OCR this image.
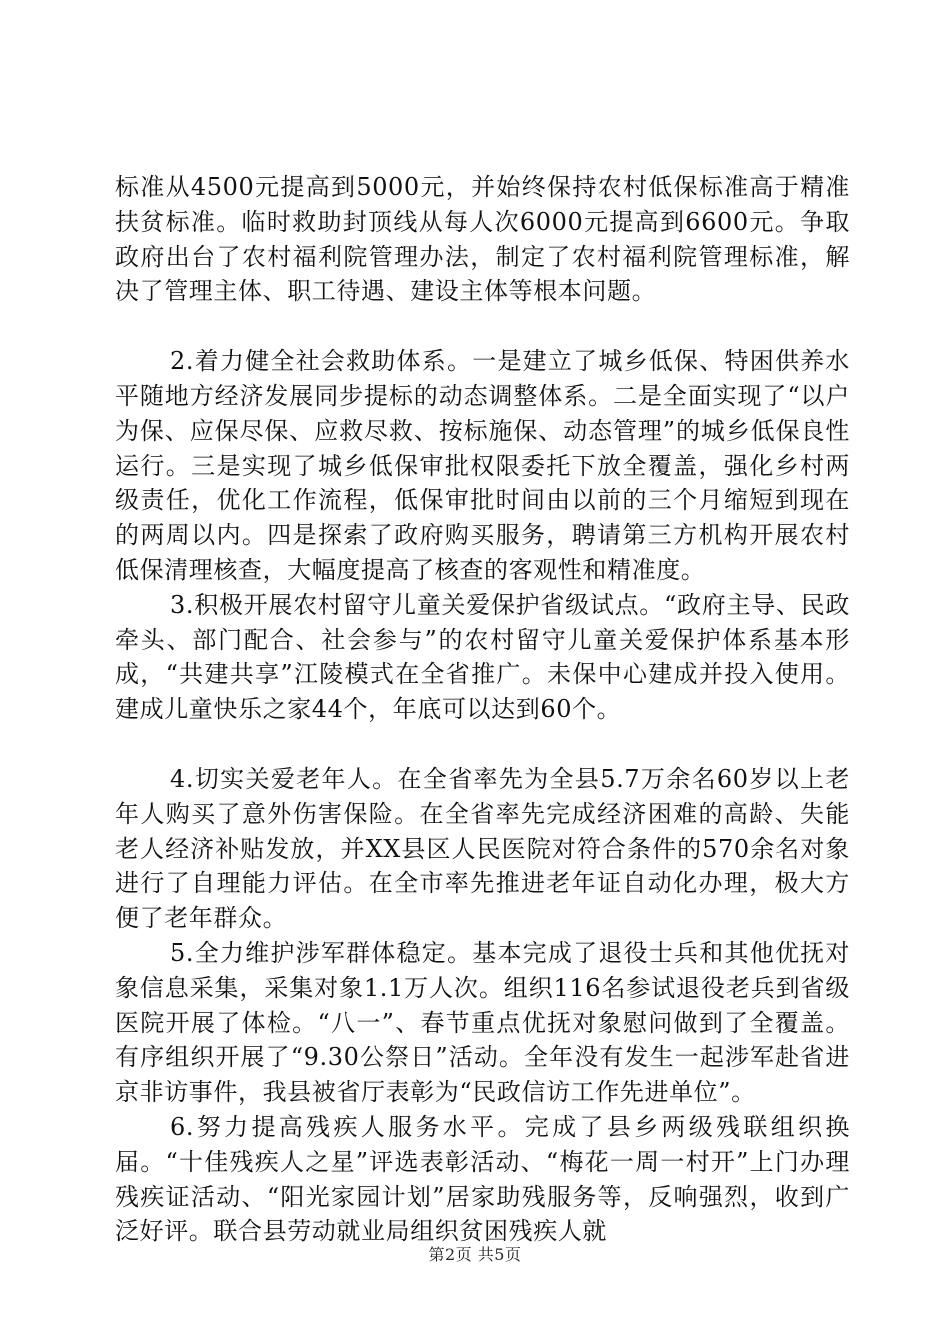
标准从4500元提高到5000元，并始终保持农村低保标准高于精准扶贫标准。临时救助封顶线从每人次6000元提高到6600元。争取政府出台了农村福利院管理办法，制定了农村福利院管理标准，解决了管理主体、职工待遇、建设主体等根本问题。

2.着力健全社会救助体系。一是建立了城乡低保、特困供养水平随地方经济发展同步提标的动态调整体系。二是全面实现了“以户为保、应保尽保、应救尽救、按标施保、动态管理”的城乡低保良性运行。三是实现了城乡低保审批权限委托下放全覆盖，强化乡村两级责任，优化工作流程，低保审批时间由以前的三个月缩短到现在的两周以内。四是探索了政府购买服务，聘请第三方机构开展农村低保清理核查，大幅度提高了核查的客观性和精准度。

3.积极开展农村留守儿童关爱保护省级试点。“政府主导、民政牵头、部门配合、社会参与”的农村留守儿童关爱保护体系基本形成，“共建共享”江陵模式在全省推广。未保中心建成并投入使用。建成儿童快乐之家44个，年底可以达到60个。

4.切实关爱老年人。在全省率先为全县5.7万余名60岁以上老年人购买了意外伤害保险。在全省率先完成经济困难的高龄、失能老人经济补贴发放，并XX县区人民医院对符合条件的570余名对象进行了自理能力评估。在全市率先推进老年证自动化办理，极大方便了老年群众。

5.全力维护涉军群体稳定。基本完成了退役士兵和其他优抚对象信息采集，采集对象1.1万人次。组织116名参试退役老兵到省级医院开展了体检。“八一”、春节重点优抚对象慰问做到了全覆盖。有序组织开展了“9.30公祭日”活动。全年没有发生一起涉军赴省进京非访事件，我县被省厅表彰为“民政信访工作先进单位”。

6.努力提高残疾人服务水平。完成了县乡两级残联组织换届。“十佳残疾人之星”评选表彰活动、“梅花一周一村开”上门办理残疾证活动、“阳光家园计划”居家助残服务等，反响强烈，收到广泛好评。联合县劳动就业局组织贫困残疾人就

第2页 共5页
